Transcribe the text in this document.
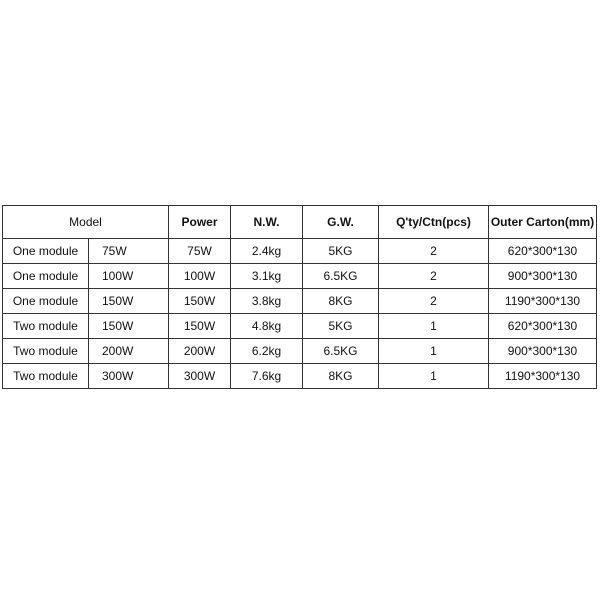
Model		Power	N.W.	G.W.	Q'ty/Ctn(pcs)	Outer Carton(mm)
One module	75W	75W	2.4kg	5KG	2	620*300*130
One module	100W	100W	3.1kg	6.5KG	2	900*300*130
One module	150W	150W	3.8kg	8KG	2	1190*300*130
Two module	150W	150W	4.8kg	5KG	1	620*300*130
Two module	200W	200W	6.2kg	6.5KG	1	900*300*130
Two module	300W	300W	7.6kg	8KG	1	1190*300*130
